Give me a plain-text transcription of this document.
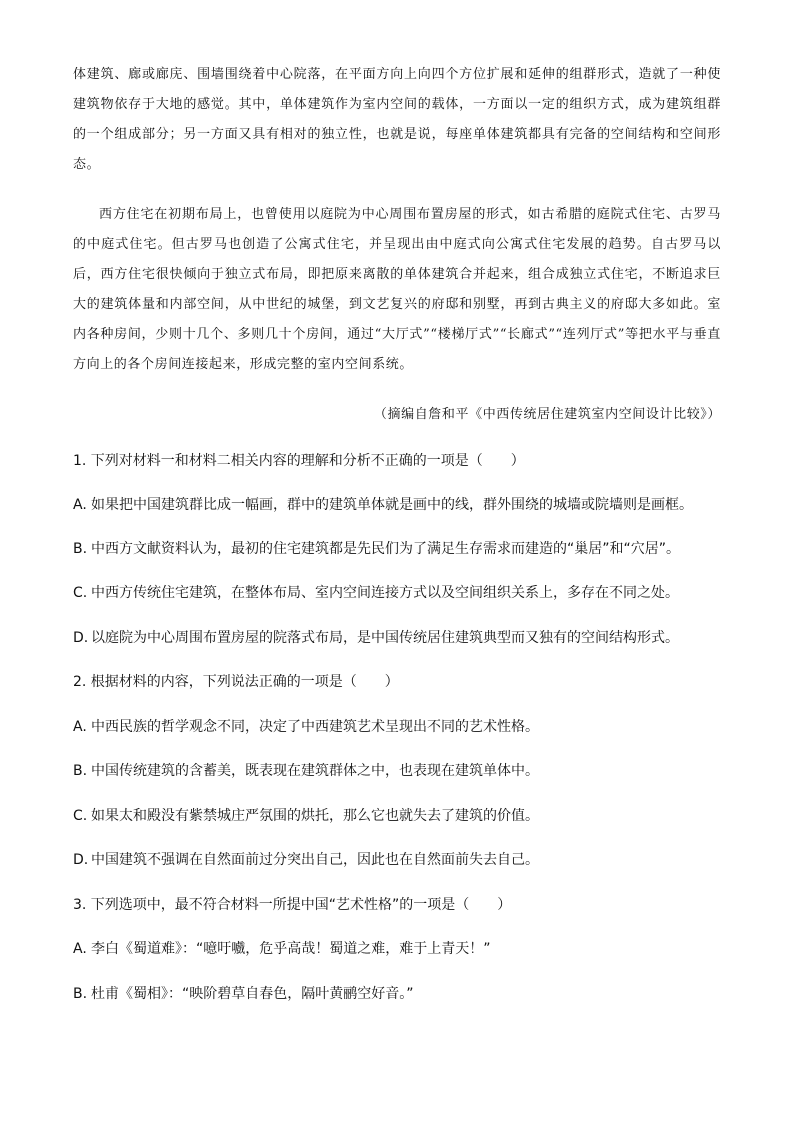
体建筑、廊或廊庑、围墙围绕着中心院落，在平面方向上向四个方位扩展和延伸的组群形式，造就了一种使建筑物依存于大地的感觉。其中，单体建筑作为室内空间的载体，一方面以一定的组织方式，成为建筑组群的一个组成部分；另一方面又具有相对的独立性，也就是说，每座单体建筑都具有完备的空间结构和空间形态。

西方住宅在初期布局上，也曾使用以庭院为中心周围布置房屋的形式，如古希腊的庭院式住宅、古罗马的中庭式住宅。但古罗马也创造了公寓式住宅，并呈现出由中庭式向公寓式住宅发展的趋势。自古罗马以后，西方住宅很快倾向于独立式布局，即把原来离散的单体建筑合并起来，组合成独立式住宅，不断追求巨大的建筑体量和内部空间，从中世纪的城堡，到文艺复兴的府邸和别墅，再到古典主义的府邸大多如此。室内各种房间，少则十几个、多则几十个房间，通过“大厅式”“楼梯厅式”“长廊式”“连列厅式”等把水平与垂直方向上的各个房间连接起来，形成完整的室内空间系统。

（摘编自詹和平《中西传统居住建筑室内空间设计比较》）

1. 下列对材料一和材料二相关内容的理解和分析不正确的一项是（　　）

A. 如果把中国建筑群比成一幅画，群中的建筑单体就是画中的线，群外围绕的城墙或院墙则是画框。

B. 中西方文献资料认为，最初的住宅建筑都是先民们为了满足生存需求而建造的“巢居”和“穴居”。

C. 中西方传统住宅建筑，在整体布局、室内空间连接方式以及空间组织关系上，多存在不同之处。

D. 以庭院为中心周围布置房屋的院落式布局，是中国传统居住建筑典型而又独有的空间结构形式。

2. 根据材料的内容，下列说法正确的一项是（　　）

A. 中西民族的哲学观念不同，决定了中西建筑艺术呈现出不同的艺术性格。

B. 中国传统建筑的含蓄美，既表现在建筑群体之中，也表现在建筑单体中。

C. 如果太和殿没有紫禁城庄严氛围的烘托，那么它也就失去了建筑的价值。

D. 中国建筑不强调在自然面前过分突出自己，因此也在自然面前失去自己。

3. 下列选项中，最不符合材料一所提中国“艺术性格”的一项是（　　）

A. 李白《蜀道难》：“噫吁嚱，危乎高哉！蜀道之难，难于上青天！”

B. 杜甫《蜀相》：“映阶碧草自春色，隔叶黄鹂空好音。”
